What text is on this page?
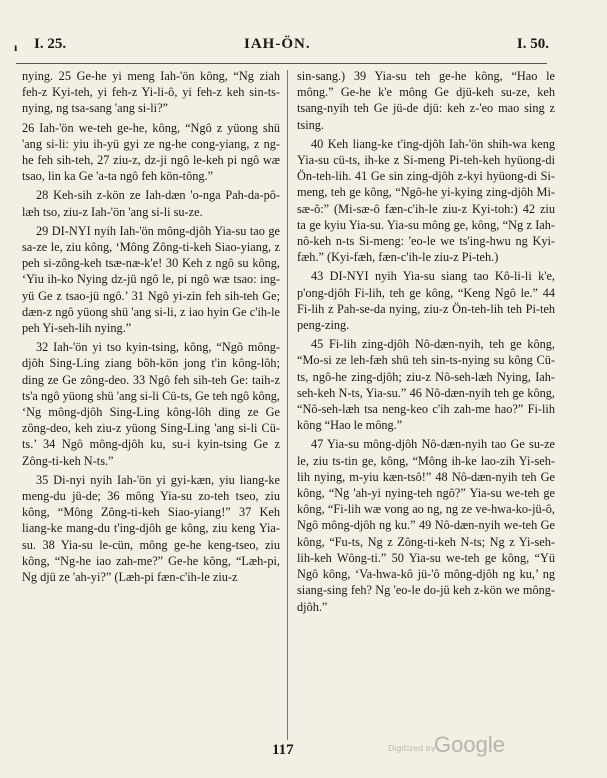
ı I. 25.	IAH-ÖN.	I. 50.

nying. 25 Ge-he yi meng Iah-'ön kông, “Ng ziah feh-z Kyi-teh, yi feh-z Yi-li-ô, yi feh-z keh sin-ts-nying, ng tsa-sang 'ang si-li?”

26 Iah-'ön we-teh ge-he, kông, “Ngô z yüong shü 'ang si-li: yiu ih-yü gyi ze ng-he cong-yiang, z ng-he feh sih-teh, 27 ziu-z, dz-ji ngô le-keh pi ngô wæ tsao, lin ka Ge 'a-ta ngô feh kön-tông.”

28 Keh-sih z-kön ze Iah-dæn 'o-nga Pah-da-pô-læh tso, ziu-z Iah-'ön 'ang si-li su-ze.

29 DI-NYI nyih Iah-'ön mông-djôh Yia-su tao ge sa-ze le, ziu kông, ‘Mông Zông-ti-keh Siao-yiang, z peh si-zông-keh tsæ-næ-k'e! 30 Keh z ngô su kông, ‘Yiu ih-ko Nying dz-jü ngô le, pi ngô wæ tsao: ing-yü Ge z tsao-jü ngô.’ 31 Ngô yi-zin feh sih-teh Ge; dæn-z ngô yüong shü 'ang si-li, z iao hyin Ge c'ih-le peh Yi-seh-lih nying.”

32 Iah-'ön yi tso kyin-tsing, kông, “Ngô mông-djôh Sing-Ling ziang bôh-kön jong t'in kông-lôh; ding ze Ge zông-deo. 33 Ngô feh sih-teh Ge: taih-z ts'a ngô yüong shü 'ang si-li Cü-ts, Ge teh ngô kông, ‘Ng mông-djôh Sing-Ling kông-lôh ding ze Ge zông-deo, keh ziu-z yüong Sing-Ling 'ang si-li Cü-ts.’ 34 Ngô mông-djôh ku, su-i kyin-tsing Ge z Zông-ti-keh N-ts.”

35 Di-nyi nyih Iah-'ön yi gyi-kæn, yiu liang-ke meng-du jü-de; 36 mông Yia-su zo-teh tseo, ziu kông, “Mông Zông-ti-keh Siao-yiang!” 37 Keh liang-ke mang-du t'ing-djôh ge kông, ziu keng Yia-su. 38 Yia-su le-cün, mông ge-he keng-tseo, ziu kông, “Ng-he iao zah-me?” Ge-he kông, “Læh-pi, Ng djü ze 'ah-yi?” (Læh-pi fæn-c'ih-le ziu-z

sin-sang.) 39 Yia-su teh ge-he kông, “Hao le mông.” Ge-he k'e mông Ge djü-keh su-ze, keh tsang-nyih teh Ge jü-de djü: keh z-'eo mao sing z tsing.

40 Keh liang-ke t'ing-djôh Iah-'ön shih-wa keng Yia-su cü-ts, ih-ke z Si-meng Pi-teh-keh hyüong-di Ön-teh-lih. 41 Ge sin zing-djôh z-kyi hyüong-di Si-meng, teh ge kông, “Ngô-he yi-kying zing-djôh Mi-sæ-ô:” (Mi-sæ-ô fæn-c'ih-le ziu-z Kyi-toh:) 42 ziu ta ge kyiu Yia-su. Yia-su mông ge, kông, “Ng z Iah-nô-keh n-ts Si-meng: 'eo-le we ts'ing-hwu ng Kyi-fæh.” (Kyi-fæh, fæn-c'ih-le ziu-z Pi-teh.)

43 DI-NYI nyih Yia-su siang tao Kô-li-li k'e, p'ong-djôh Fi-lih, teh ge kông, “Keng Ngô le.” 44 Fi-lih z Pah-se-da nying, ziu-z Ön-teh-lih teh Pi-teh peng-zing.

45 Fi-lih zing-djôh Nô-dæn-nyih, teh ge kông, “Mo-si ze leh-fæh shü teh sin-ts-nying su kông Cü-ts, ngô-he zing-djôh; ziu-z Nô-seh-læh Nying, Iah-seh-keh N-ts, Yia-su.” 46 Nô-dæn-nyih teh ge kông, “Nô-seh-læh tsa neng-keo c'ih zah-me hao?” Fi-lih kông “Hao le mông.”

47 Yia-su mông-djôh Nô-dæn-nyih tao Ge su-ze le, ziu ts-tin ge, kông, “Mông ih-ke lao-zih Yi-seh-lih nying, m-yiu kæn-tsô!” 48 Nô-dæn-nyih teh Ge kông, “Ng 'ah-yi nying-teh ngô?” Yia-su we-teh ge kông, “Fi-lih wæ vong ao ng, ng ze ve-hwa-ko-jü-ô, Ngô mông-djôh ng ku.” 49 Nô-dæn-nyih we-teh Ge kông, “Fu-ts, Ng z Zông-ti-keh N-ts; Ng z Yi-seh-lih-keh Wông-ti.” 50 Yia-su we-teh ge kông, “Yü Ngô kông, ‘Va-hwa-kô jü-'ô mông-djôh ng ku,’ ng siang-sing feh? Ng 'eo-le do-jü keh z-kön we mông-djôh.”

117	Digitized by
Google
